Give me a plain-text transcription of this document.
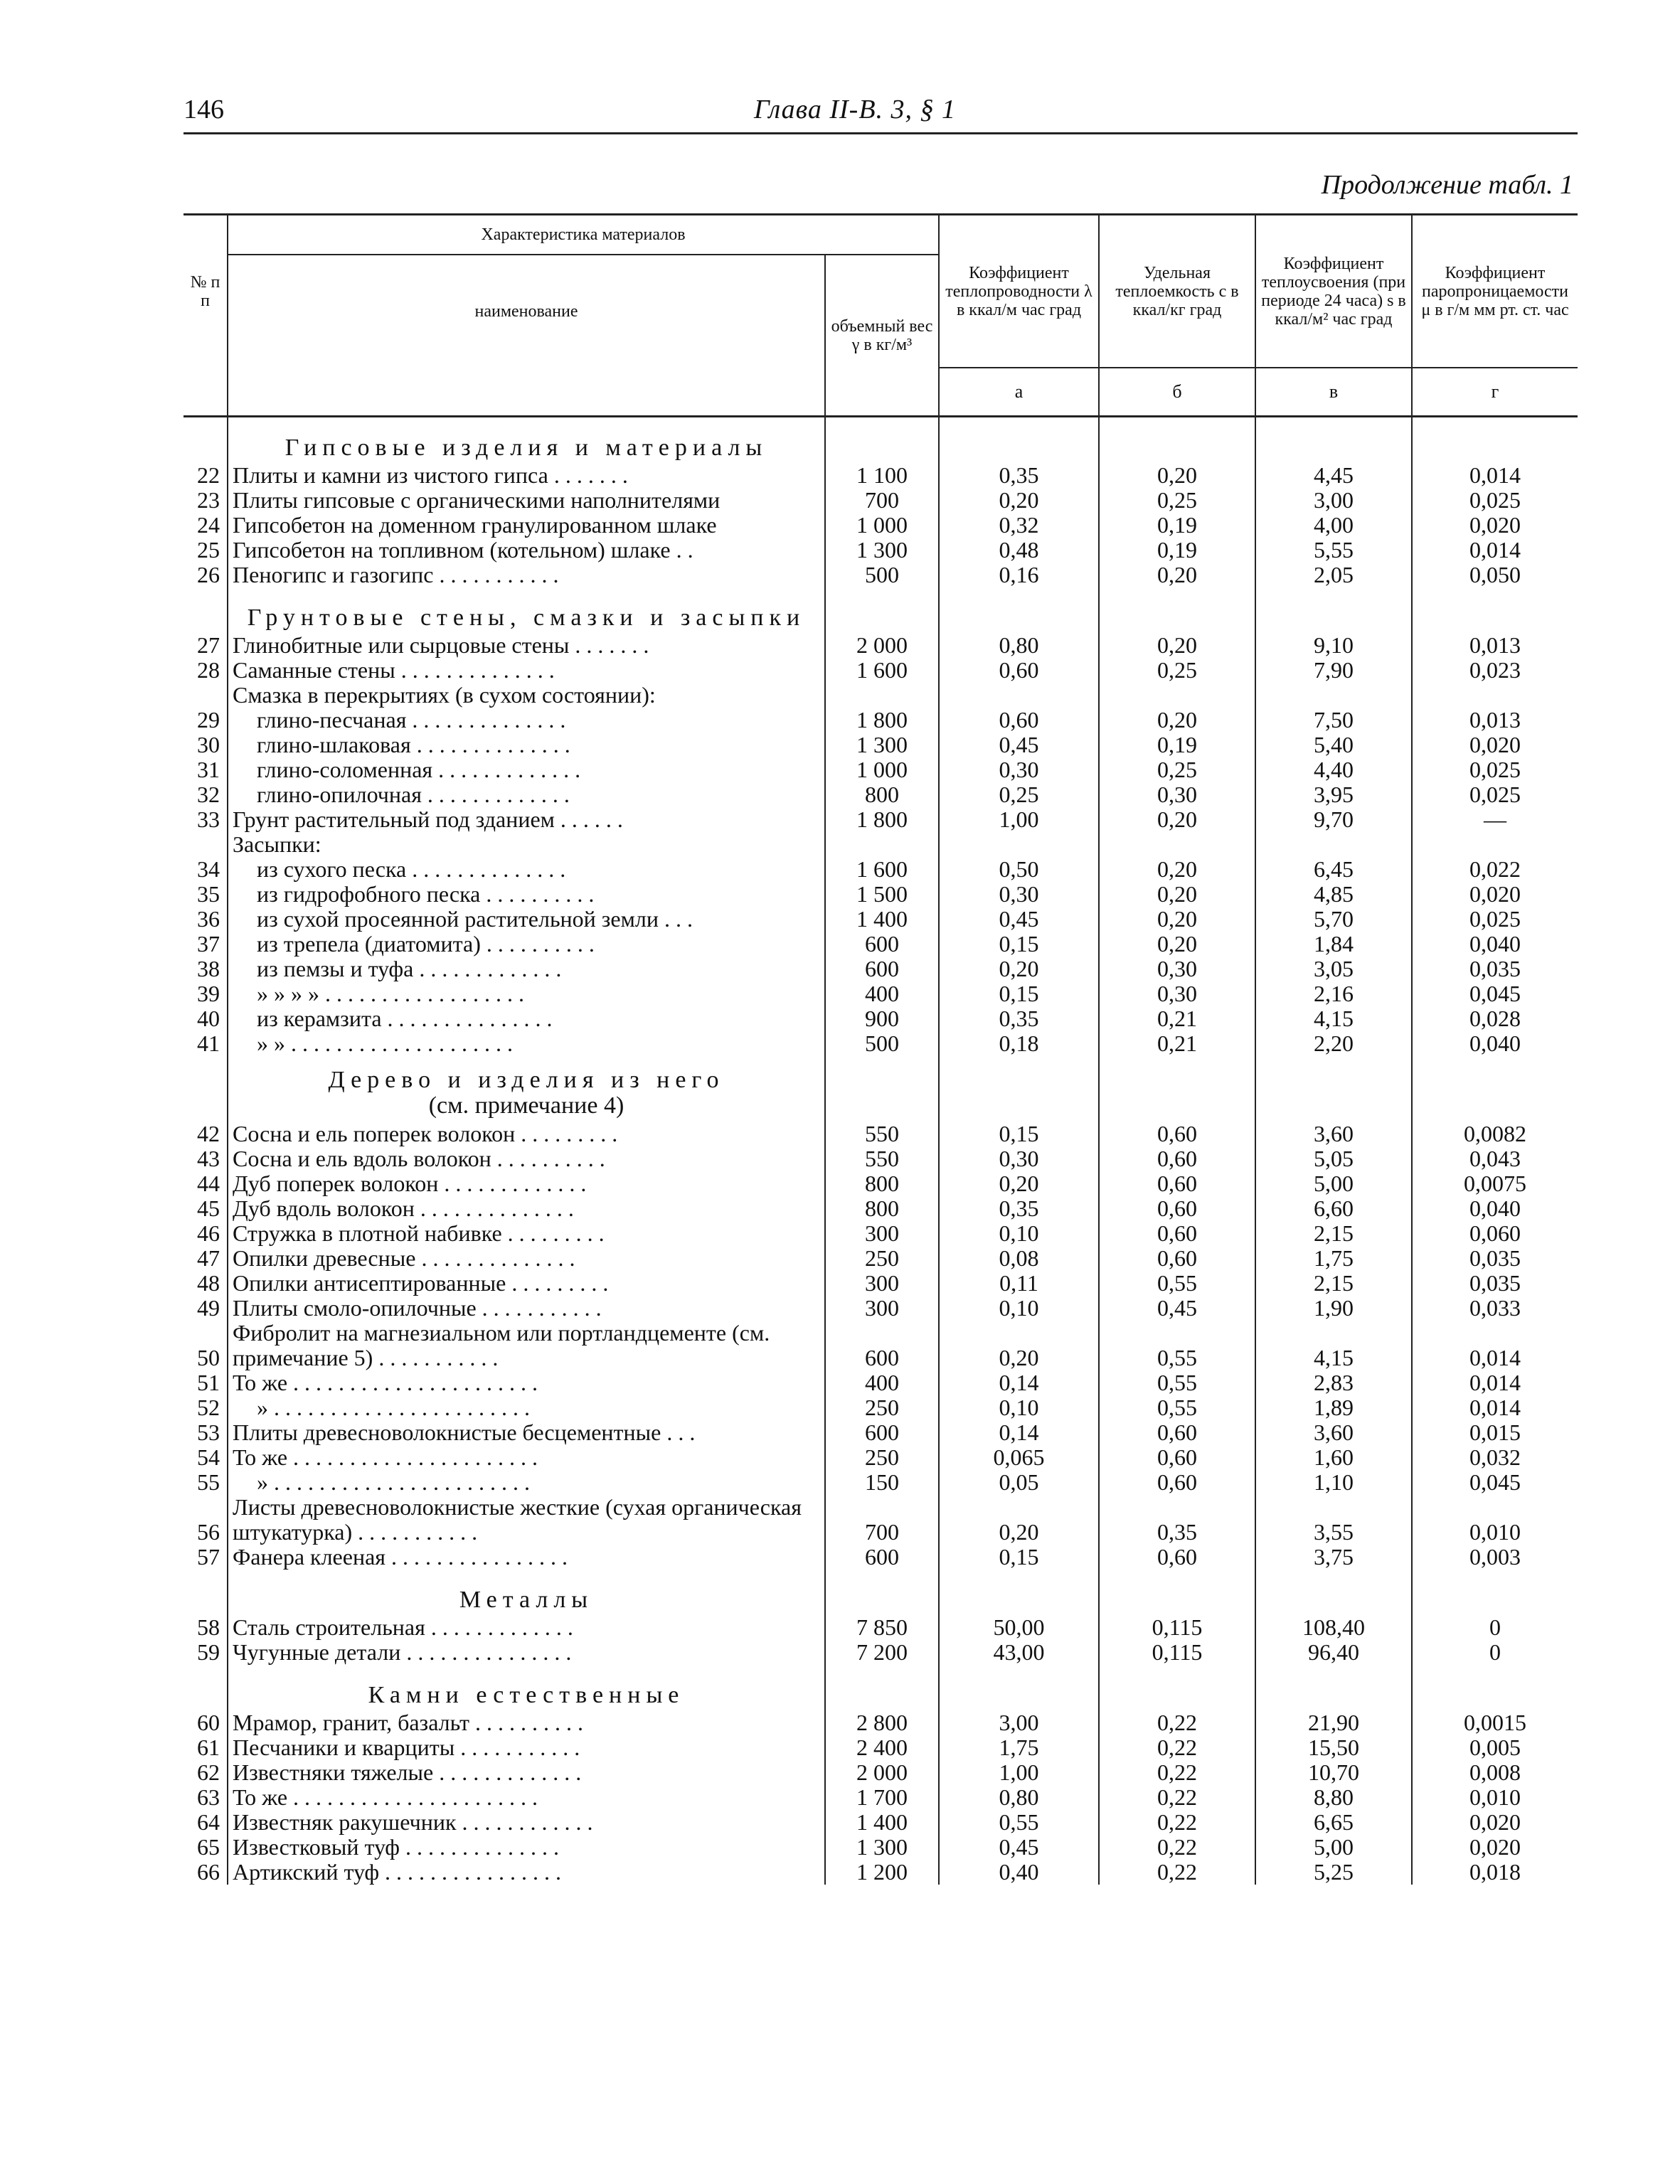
146	Глава II-В. 3, § 1
Продолжение табл. 1
№ п п	Характеристика материалов		Коэффициент теплопроводности λ в ккал/м час град	Удельная теплоемкость c в ккал/кг град	Коэффициент теплоусвоения (при периоде 24 часа) s в ккал/м² час град	Коэффициент паропроницаемости μ в г/м мм рт. ст. час
	наименование	объемный вес γ в кг/м³				
			а	б	в	г
	Гипсовые изделия и материалы					
22	Плиты и камни из чистого гипса . . . . . . .	1 100	0,35	0,20	4,45	0,014
23	Плиты гипсовые с органическими наполнителями	700	0,20	0,25	3,00	0,025
24	Гипсобетон на доменном гранулированном шлаке	1 000	0,32	0,19	4,00	0,020
25	Гипсобетон на топливном (котельном) шлаке . .	1 300	0,48	0,19	5,55	0,014
26	Пеногипс и газогипс . . . . . . . . . . .	500	0,16	0,20	2,05	0,050
	Грунтовые стены, смазки и засыпки					
27	Глинобитные или сырцовые стены . . . . . . .	2 000	0,80	0,20	9,10	0,013
28	Саманные стены . . . . . . . . . . . . . .	1 600	0,60	0,25	7,90	0,023
	Смазка в перекрытиях (в сухом состоянии):					
29	глино-песчаная . . . . . . . . . . . . . .	1 800	0,60	0,20	7,50	0,013
30	глино-шлаковая . . . . . . . . . . . . . .	1 300	0,45	0,19	5,40	0,020
31	глино-соломенная . . . . . . . . . . . . .	1 000	0,30	0,25	4,40	0,025
32	глино-опилочная . . . . . . . . . . . . .	800	0,25	0,30	3,95	0,025
33	Грунт растительный под зданием . . . . . .	1 800	1,00	0,20	9,70	—
	Засыпки:					
34	из сухого песка . . . . . . . . . . . . . .	1 600	0,50	0,20	6,45	0,022
35	из гидрофобного песка . . . . . . . . . .	1 500	0,30	0,20	4,85	0,020
36	из сухой просеянной растительной земли . . .	1 400	0,45	0,20	5,70	0,025
37	из трепела (диатомита) . . . . . . . . . .	600	0,15	0,20	1,84	0,040
38	из пемзы и туфа . . . . . . . . . . . . .	600	0,20	0,30	3,05	0,035
39	» » » » . . . . . . . . . . . . . . . . . .	400	0,15	0,30	2,16	0,045
40	из керамзита . . . . . . . . . . . . . . .	900	0,35	0,21	4,15	0,028
41	» » . . . . . . . . . . . . . . . . . . . .	500	0,18	0,21	2,20	0,040

	Дерево и изделия из него
(см. примечание 4)					

42	Сосна и ель поперек волокон . . . . . . . . .	550	0,15	0,60	3,60	0,0082
43	Сосна и ель вдоль волокон . . . . . . . . . .	550	0,30	0,60	5,05	0,043
44	Дуб поперек волокон . . . . . . . . . . . . .	800	0,20	0,60	5,00	0,0075
45	Дуб вдоль волокон . . . . . . . . . . . . . .	800	0,35	0,60	6,60	0,040
46	Стружка в плотной набивке . . . . . . . . .	300	0,10	0,60	2,15	0,060
47	Опилки древесные . . . . . . . . . . . . . .	250	0,08	0,60	1,75	0,035
48	Опилки антисептированные . . . . . . . . .	300	0,11	0,55	2,15	0,035
49	Плиты смоло-опилочные . . . . . . . . . . .	300	0,10	0,45	1,90	0,033
50	Фибролит на магнезиальном или портландцементе (см. примечание 5) . . . . . . . . . . .	600	0,20	0,55	4,15	0,014
51	То же . . . . . . . . . . . . . . . . . . . . . .	400	0,14	0,55	2,83	0,014
52	» . . . . . . . . . . . . . . . . . . . . . . .	250	0,10	0,55	1,89	0,014
53	Плиты древесноволокнистые бесцементные . . .	600	0,14	0,60	3,60	0,015
54	То же . . . . . . . . . . . . . . . . . . . . . .	250	0,065	0,60	1,60	0,032
55	» . . . . . . . . . . . . . . . . . . . . . . .	150	0,05	0,60	1,10	0,045
56	Листы древесноволокнистые жесткие (сухая органическая штукатурка) . . . . . . . . . . .	700	0,20	0,35	3,55	0,010
57	Фанера клееная . . . . . . . . . . . . . . . .	600	0,15	0,60	3,75	0,003
	Металлы					
58	Сталь строительная . . . . . . . . . . . . .	7 850	50,00	0,115	108,40	0
59	Чугунные детали . . . . . . . . . . . . . . .	7 200	43,00	0,115	96,40	0
	Камни естественные					
60	Мрамор, гранит, базальт . . . . . . . . . .	2 800	3,00	0,22	21,90	0,0015
61	Песчаники и кварциты . . . . . . . . . . .	2 400	1,75	0,22	15,50	0,005
62	Известняки тяжелые . . . . . . . . . . . . .	2 000	1,00	0,22	10,70	0,008
63	То же . . . . . . . . . . . . . . . . . . . . . .	1 700	0,80	0,22	8,80	0,010
64	Известняк ракушечник . . . . . . . . . . . .	1 400	0,55	0,22	6,65	0,020
65	Известковый туф . . . . . . . . . . . . . .	1 300	0,45	0,22	5,00	0,020
66	Артикский туф . . . . . . . . . . . . . . . .	1 200	0,40	0,22	5,25	0,018
